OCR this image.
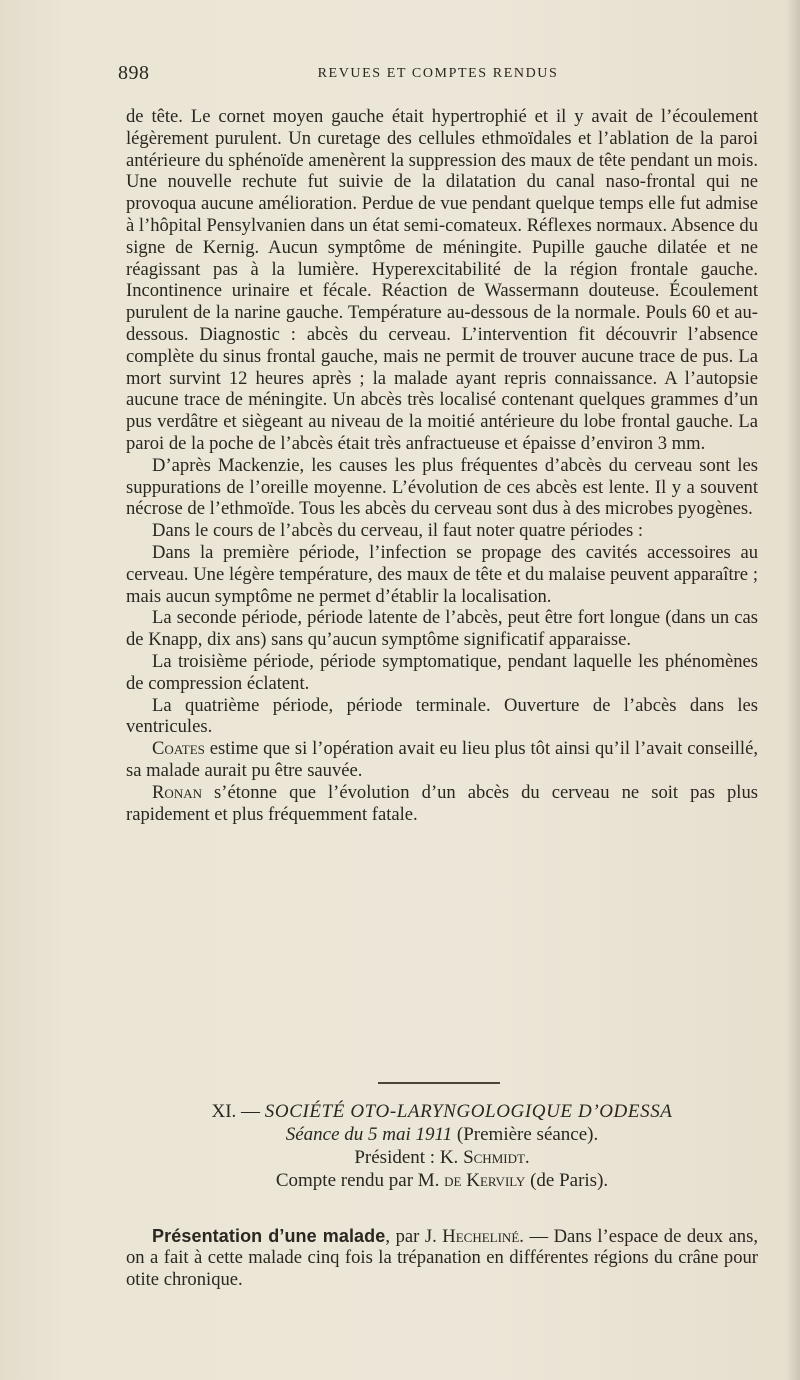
898	REVUES ET COMPTES RENDUS

de tête. Le cornet moyen gauche était hypertrophié et il y avait de l’écoulement légèrement purulent. Un curetage des cellules ethmoïdales et l’ablation de la paroi antérieure du sphénoïde amenèrent la suppression des maux de tête pendant un mois. Une nouvelle rechute fut suivie de la dilatation du canal naso-frontal qui ne provoqua aucune amélioration. Perdue de vue pendant quelque temps elle fut admise à l’hôpital Pensylvanien dans un état semi-comateux. Réflexes normaux. Absence du signe de Kernig. Aucun symptôme de méningite. Pupille gauche dilatée et ne réagissant pas à la lumière. Hyperexcitabilité de la région frontale gauche. Incontinence urinaire et fécale. Réaction de Wassermann douteuse. Écoulement purulent de la narine gauche. Température au-dessous de la normale. Pouls 60 et au-dessous. Diagnostic : abcès du cerveau. L’intervention fit découvrir l’absence complète du sinus frontal gauche, mais ne permit de trouver aucune trace de pus. La mort survint 12 heures après ; la malade ayant repris connaissance. A l’autopsie aucune trace de méningite. Un abcès très localisé contenant quelques grammes d’un pus verdâtre et siègeant au niveau de la moitié antérieure du lobe frontal gauche. La paroi de la poche de l’abcès était très anfractueuse et épaisse d’environ 3 mm.

D’après Mackenzie, les causes les plus fréquentes d’abcès du cerveau sont les suppurations de l’oreille moyenne. L’évolution de ces abcès est lente. Il y a souvent nécrose de l’ethmoïde. Tous les abcès du cerveau sont dus à des microbes pyogènes.

Dans le cours de l’abcès du cerveau, il faut noter quatre périodes :

Dans la première période, l’infection se propage des cavités accessoires au cerveau. Une légère température, des maux de tête et du malaise peuvent apparaître ; mais aucun symptôme ne permet d’établir la localisation.

La seconde période, période latente de l’abcès, peut être fort longue (dans un cas de Knapp, dix ans) sans qu’aucun symptôme significatif apparaisse.

La troisième période, période symptomatique, pendant laquelle les phénomènes de compression éclatent.

La quatrième période, période terminale. Ouverture de l’abcès dans les ventricules.

Coates estime que si l’opération avait eu lieu plus tôt ainsi qu’il l’avait conseillé, sa malade aurait pu être sauvée.

Ronan s’étonne que l’évolution d’un abcès du cerveau ne soit pas plus rapidement et plus fréquemment fatale.

XI. — SOCIÉTÉ OTO-LARYNGOLOGIQUE D’ODESSA
Séance du 5 mai 1911 (Première séance).
Président : K. Schmidt.
Compte rendu par M. de Kervily (de Paris).

Présentation d’une malade, par J. Hecheliné. — Dans l’espace de deux ans, on a fait à cette malade cinq fois la trépanation en différentes régions du crâne pour otite chronique.
